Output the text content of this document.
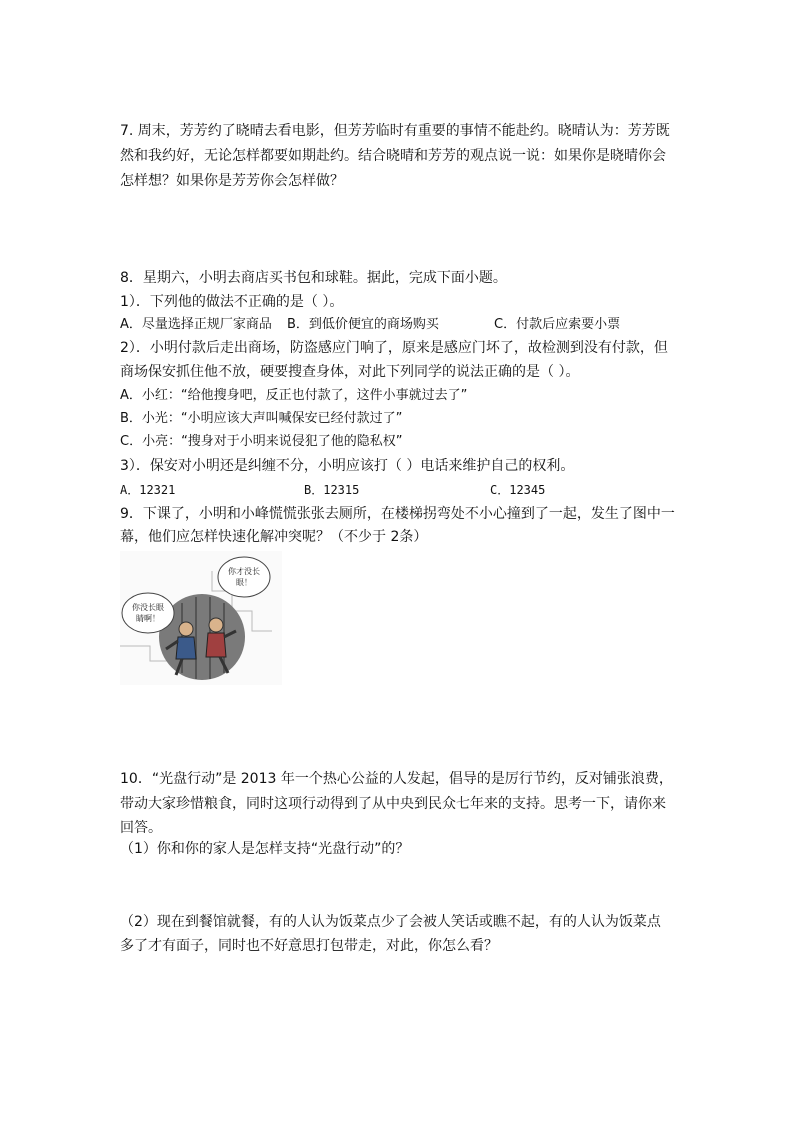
7. 周末，芳芳约了晓晴去看电影，但芳芳临时有重要的事情不能赴约。晓晴认为：芳芳既
然和我约好，无论怎样都要如期赴约。结合晓晴和芳芳的观点说一说：如果你是晓晴你会
怎样想？如果你是芳芳你会怎样做？
8．星期六，小明去商店买书包和球鞋。据此，完成下面小题。
1）．下列他的做法不正确的是（ ）。
A．尽量选择正规厂家商品 B．到低价便宜的商场购买	C．付款后应索要小票
2）．小明付款后走出商场，防盗感应门响了，原来是感应门坏了，故检测到没有付款，但
商场保安抓住他不放，硬要搜查身体，对此下列同学的说法正确的是（ ）。
A．小红：“给他搜身吧，反正也付款了，这件小事就过去了”
B．小光：“小明应该大声叫喊保安已经付款过了”
C．小亮：“搜身对于小明来说侵犯了他的隐私权”
3）．保安对小明还是纠缠不分，小明应该打（ ）电话来维护自己的权利。
A．12321	B．12315	C．12345
9．下课了，小明和小峰慌慌张张去厕所，在楼梯拐弯处不小心撞到了一起，发生了图中一
幕，他们应怎样快速化解冲突呢？（不少于 2条）
你没长眼
睛啊！
你才没长
眼！
10．“光盘行动”是 2013 年一个热心公益的人发起，倡导的是厉行节约，反对铺张浪费，
带动大家珍惜粮食，同时这项行动得到了从中央到民众七年来的支持。思考一下，请你来
回答。
（1）你和你的家人是怎样支持“光盘行动”的？
（2）现在到餐馆就餐，有的人认为饭菜点少了会被人笑话或瞧不起，有的人认为饭菜点
多了才有面子，同时也不好意思打包带走，对此，你怎么看？
